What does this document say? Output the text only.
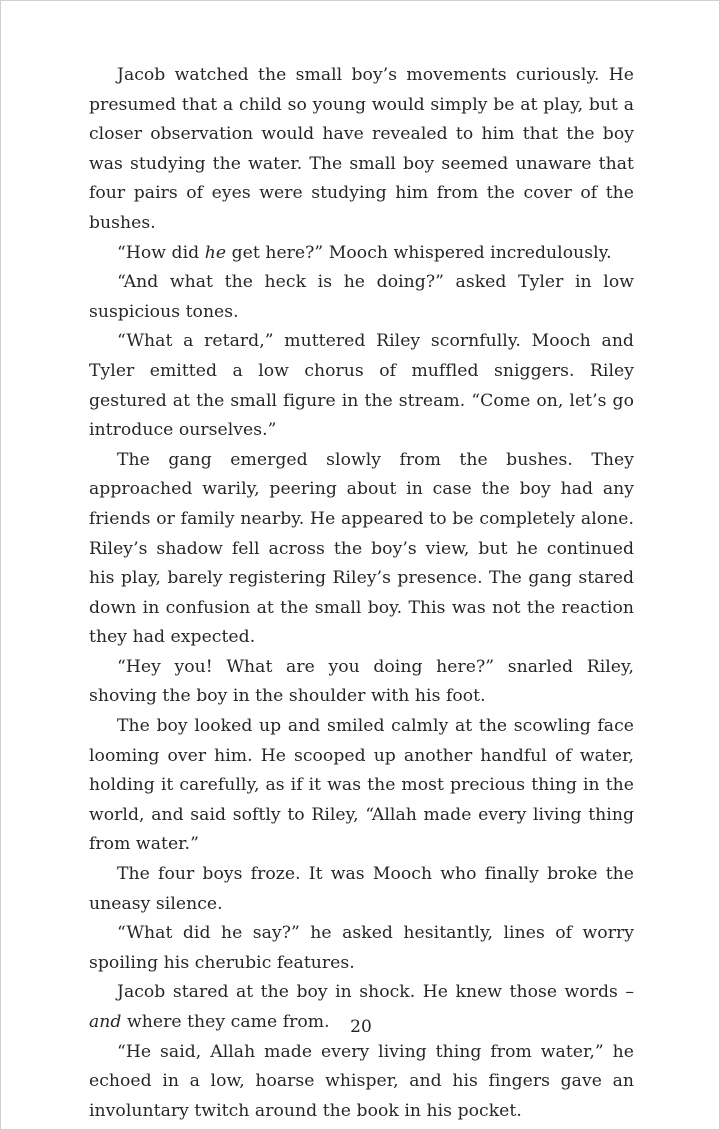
Jacob watched the small boy’s movements curiously. He presumed that a child so young would simply be at play, but a closer observation would have revealed to him that the boy was studying the water. The small boy seemed unaware that four pairs of eyes were studying him from the cover of the bushes.

“How did he get here?” Mooch whispered incredulously.

“And what the heck is he doing?” asked Tyler in low suspicious tones.

“What a retard,” muttered Riley scornfully. Mooch and Tyler emitted a low chorus of muffled sniggers. Riley gestured at the small figure in the stream. “Come on, let’s go introduce ourselves.”

The gang emerged slowly from the bushes. They approached warily, peering about in case the boy had any friends or family nearby. He appeared to be completely alone. Riley’s shadow fell across the boy’s view, but he continued his play, barely registering Riley’s presence. The gang stared down in confusion at the small boy. This was not the reaction they had expected.

“Hey you! What are you doing here?” snarled Riley, shoving the boy in the shoulder with his foot.

The boy looked up and smiled calmly at the scowling face looming over him. He scooped up another handful of water, holding it carefully, as if it was the most precious thing in the world, and said softly to Riley, “Allah made every living thing from water.”

The four boys froze. It was Mooch who finally broke the uneasy silence.

“What did he say?” he asked hesitantly, lines of worry spoiling his cherubic features.

Jacob stared at the boy in shock. He knew those words – and where they came from.

“He said, Allah made every living thing from water,” he echoed in a low, hoarse whisper, and his fingers gave an involuntary twitch around the book in his pocket.

20
